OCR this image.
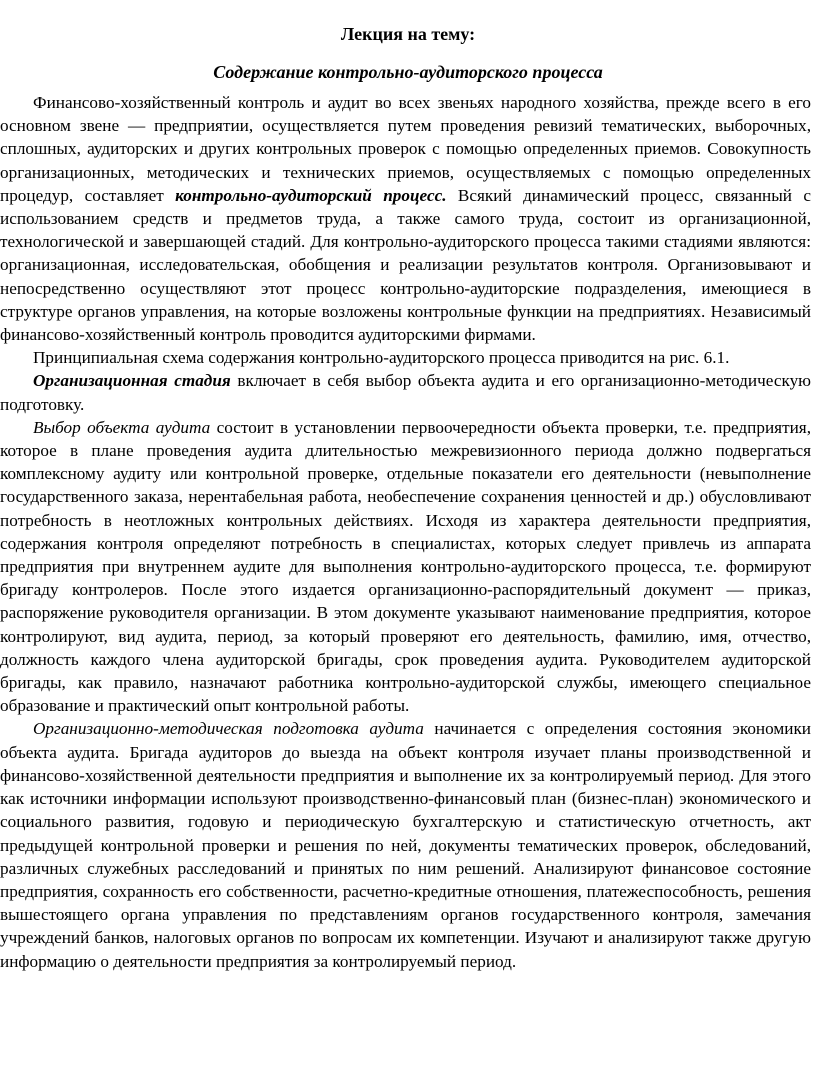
Лекция на тему:
Содержание контрольно-аудиторского процесса

Финансово-хозяйственный контроль и аудит во всех звеньях народного хозяйства, прежде всего в его основном звене — предприятии, осуществляется путем проведения ревизий тематических, выборочных, сплошных, аудиторских и других контрольных проверок с помощью определенных приемов. Совокупность организационных, методических и технических приемов, осуществляемых с помощью определенных процедур, составляет контрольно-аудиторский процесс. Всякий динамический процесс, связанный с использованием средств и предметов труда, а также самого труда, состоит из организационной, технологической и завершающей стадий. Для контрольно-аудиторского процесса такими стадиями являются: организационная, исследовательская, обобщения и реализации результатов контроля. Организовывают и непосредственно осуществляют этот процесс контрольно-аудиторские подразделения, имеющиеся в структуре органов управления, на которые возложены контрольные функции на предприятиях. Независимый финансово-хозяйственный контроль проводится аудиторскими фирмами.

Принципиальная схема содержания контрольно-аудиторского процесса приводится на рис. 6.1.

Организационная стадия включает в себя выбор объекта аудита и его организационно-методическую подготовку.

Выбор объекта аудита состоит в установлении первоочередности объекта проверки, т.е. предприятия, которое в плане проведения аудита длительностью межревизионного периода должно подвергаться комплексному аудиту или контрольной проверке, отдельные показатели его деятельности (невыполнение государственного заказа, нерентабельная работа, необеспечение сохранения ценностей и др.) обусловливают потребность в неотложных контрольных действиях. Исходя из характера деятельности предприятия, содержания контроля определяют потребность в специалистах, которых следует привлечь из аппарата предприятия при внутреннем аудите для выполнения контрольно-аудиторского процесса, т.е. формируют бригаду контролеров. После этого издается организационно-распорядительный документ — приказ, распоряжение руководителя организации. В этом документе указывают наименование предприятия, которое контролируют, вид аудита, период, за который проверяют его деятельность, фамилию, имя, отчество, должность каждого члена аудиторской бригады, срок проведения аудита. Руководителем аудиторской бригады, как правило, назначают работника контрольно-аудиторской службы, имеющего специальное образование и практический опыт контрольной работы.

Организационно-методическая подготовка аудита начинается с определения состояния экономики объекта аудита. Бригада аудиторов до выезда на объект контроля изучает планы производственной и финансово-хозяйственной деятельности предприятия и выполнение их за контролируемый период. Для этого как источники информации используют производственно-финансовый план (бизнес-план) экономического и социального развития, годовую и периодическую бухгалтерскую и статистическую отчетность, акт предыдущей контрольной проверки и решения по ней, документы тематических проверок, обследований, различных служебных расследований и принятых по ним решений. Анализируют финансовое состояние предприятия, сохранность его собственности, расчетно-кредитные отношения, платежеспособность, решения вышестоящего органа управления по представлениям органов государственного контроля, замечания учреждений банков, налоговых органов по вопросам их компетенции. Изучают и анализируют также другую информацию о деятельности предприятия за контролируемый период.
